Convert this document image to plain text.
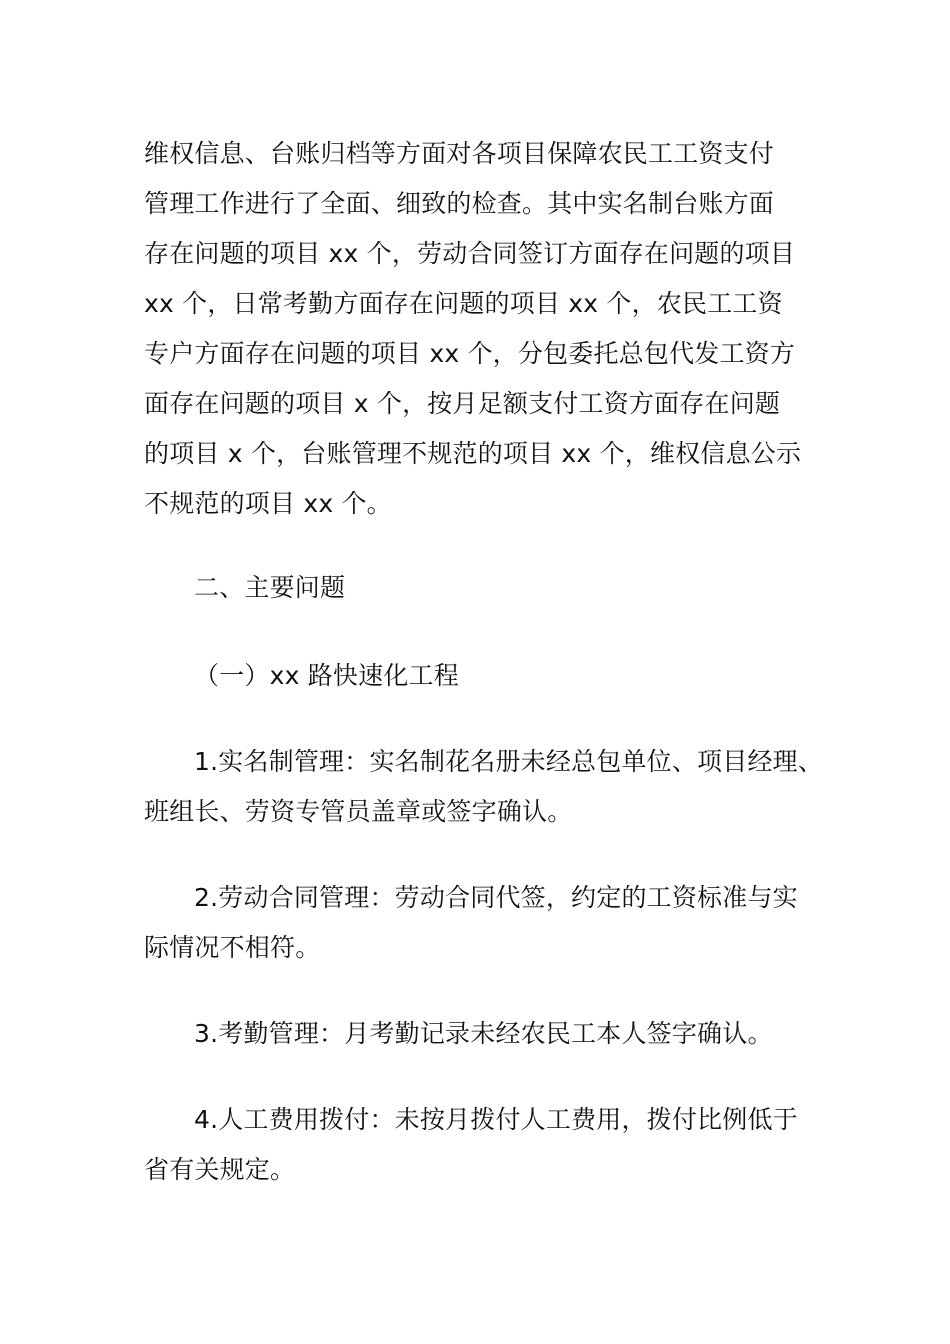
维权信息、台账归档等方面对各项目保障农民工工资支付
管理工作进行了全面、细致的检查。其中实名制台账方面
存在问题的项目 xx 个，劳动合同签订方面存在问题的项目
xx 个，日常考勤方面存在问题的项目 xx 个，农民工工资
专户方面存在问题的项目 xx 个，分包委托总包代发工资方
面存在问题的项目 x 个，按月足额支付工资方面存在问题
的项目 x 个，台账管理不规范的项目 xx 个，维权信息公示
不规范的项目 xx 个。
二、主要问题
（一）xx 路快速化工程
1.实名制管理：实名制花名册未经总包单位、项目经理、
班组长、劳资专管员盖章或签字确认。
2.劳动合同管理：劳动合同代签，约定的工资标准与实
际情况不相符。
3.考勤管理：月考勤记录未经农民工本人签字确认。
4.人工费用拨付：未按月拨付人工费用，拨付比例低于
省有关规定。
